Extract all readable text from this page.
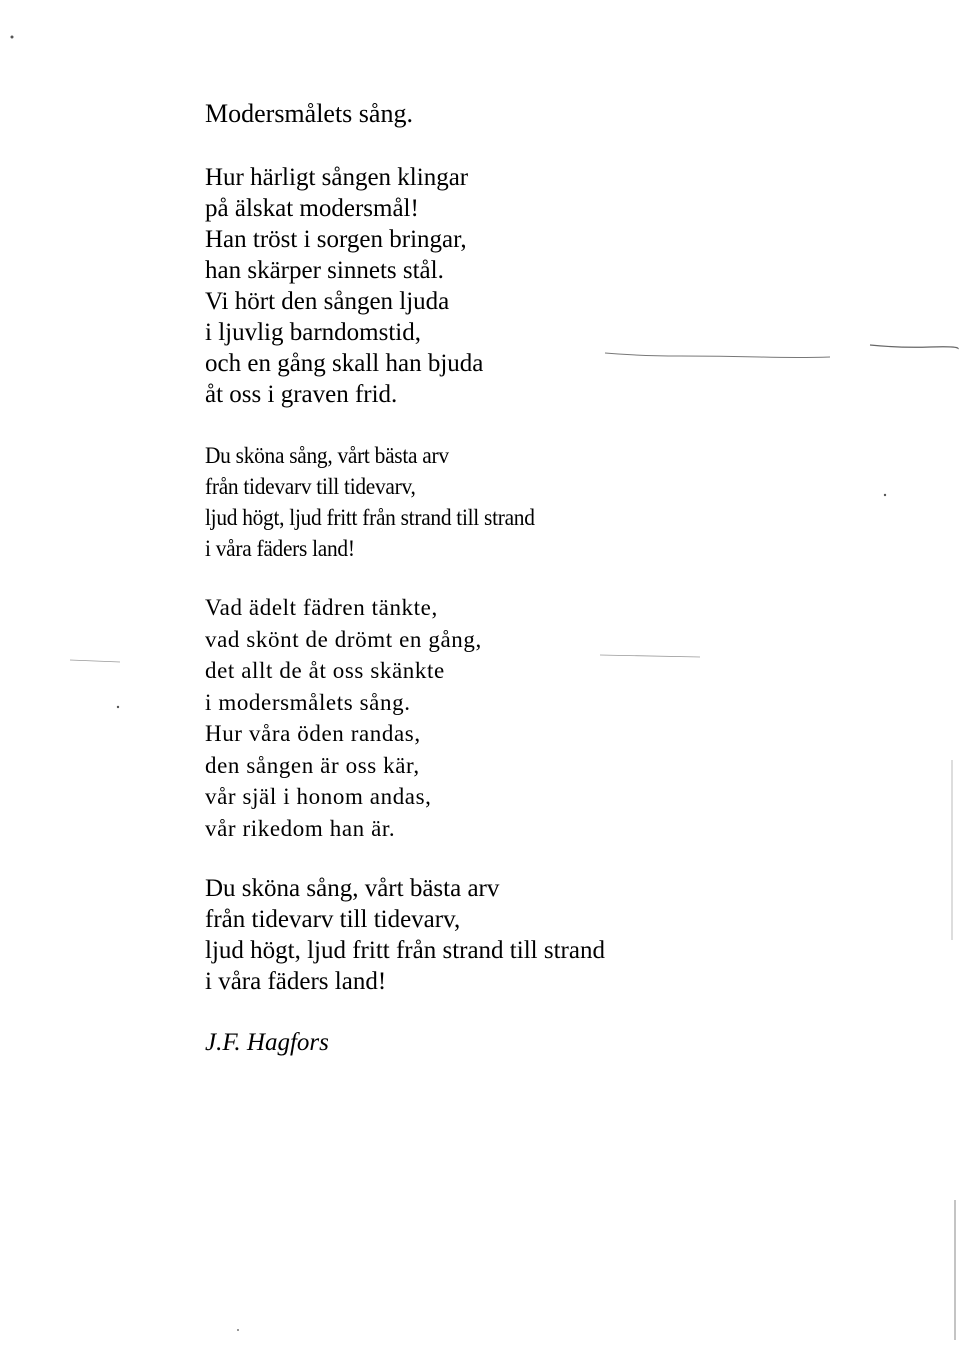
Modersmålets sång.
Hur härligt sången klingar
på älskat modersmål!
Han tröst i sorgen bringar,
han skärper sinnets stål.
Vi hört den sången ljuda
i ljuvlig barndomstid,
och en gång skall han bjuda
åt oss i graven frid.
Du sköna sång, vårt bästa arv
från tidevarv till tidevarv,
ljud högt, ljud fritt från strand till strand
i våra fäders land!
Vad ädelt fädren tänkte,
vad skönt de drömt en gång,
det allt de åt oss skänkte
i modersmålets sång.
Hur våra öden randas,
den sången är oss kär,
vår själ i honom andas,
vår rikedom han är.
Du sköna sång, vårt bästa arv
från tidevarv till tidevarv,
ljud högt, ljud fritt från strand till strand
i våra fäders land!

J.F. Hagfors
